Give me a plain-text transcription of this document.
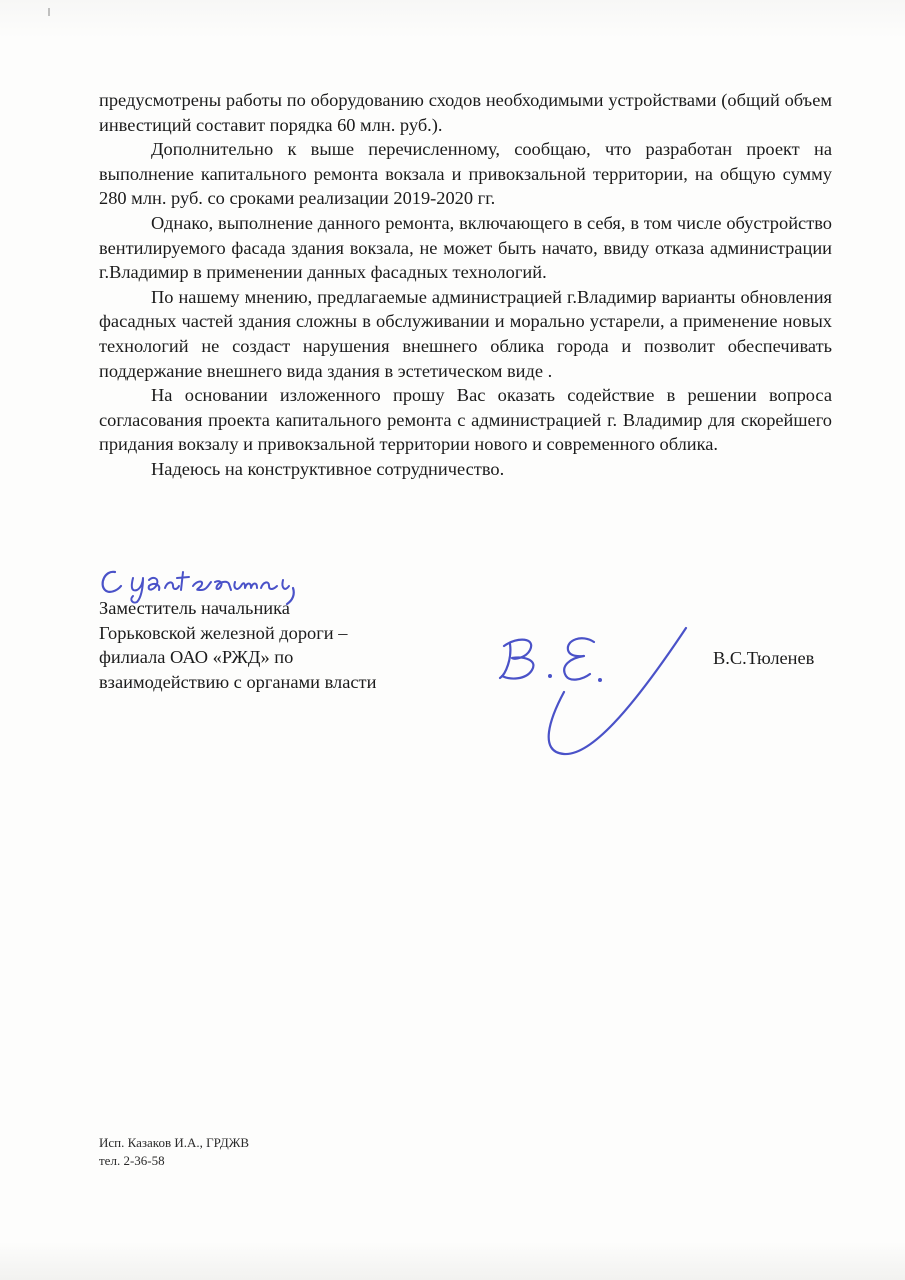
предусмотрены работы по оборудованию сходов необходимыми устройствами (общий объем инвестиций составит порядка 60 млн. руб.).

Дополнительно к выше перечисленному, сообщаю, что разработан проект на выполнение капитального ремонта вокзала и привокзальной территории, на общую сумму 280 млн. руб. со сроками реализации 2019-2020 гг.

Однако, выполнение данного ремонта, включающего в себя, в том числе обустройство вентилируемого фасада здания вокзала, не может быть начато, ввиду отказа администрации г.Владимир в применении данных фасадных технологий.

По нашему мнению, предлагаемые администрацией г.Владимир варианты обновления фасадных частей здания сложны в обслуживании и морально устарели, а применение новых технологий не создаст нарушения внешнего облика города и позволит обеспечивать поддержание внешнего вида здания в эстетическом виде .

На основании изложенного прошу Вас оказать содействие в решении вопроса согласования проекта капитального ремонта с администрацией г. Владимир для скорейшего придания вокзалу и привокзальной территории нового и современного облика.

Надеюсь на конструктивное сотрудничество.

Заместитель начальника
Горьковской железной дороги –
филиала ОАО «РЖД» по
взаимодействию с органами власти
В.С.Тюленев
Исп. Казаков И.А., ГРДЖВ
тел. 2-36-58
